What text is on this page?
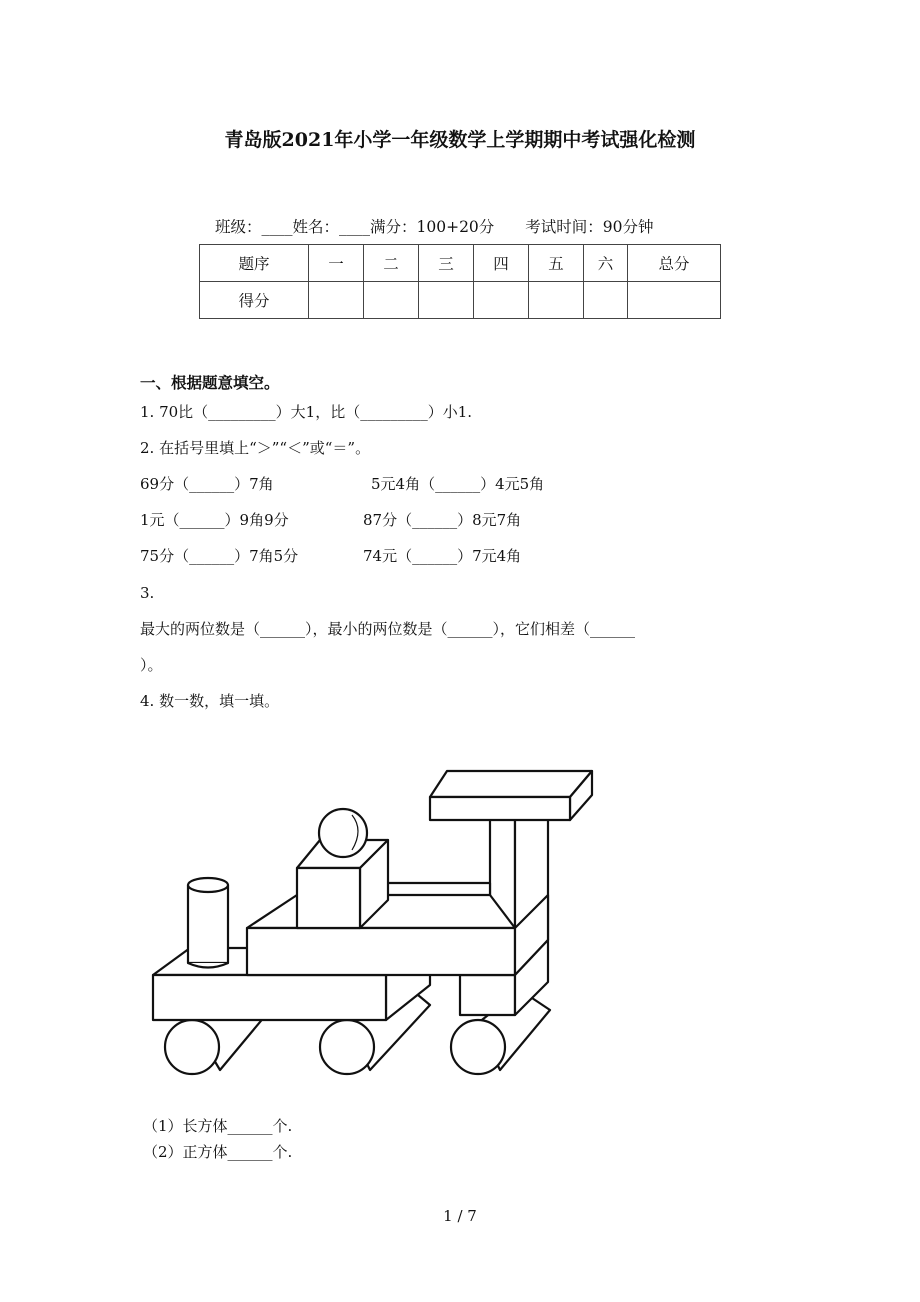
青岛版2021年小学一年级数学上学期期中考试强化检测
班级：____姓名：____满分：100+20分　　考试时间：90分钟
题序	一	二	三	四	五	六	总分
得分							
一、根据题意填空。
1. 70比（_________）大1，比（_________）小1.
2. 在括号里填上“＞”“＜”或“＝”。
69分（______）7角	5元4角（______）4元5角
1元（______）9角9分	87分（______）8元7角
75分（______）7角5分	74元（______）7元4角
3.
最大的两位数是（______），最小的两位数是（______），它们相差（______
）。
4. 数一数，填一填。
（1）长方体______个.
（2）正方体______个.
1 / 7
